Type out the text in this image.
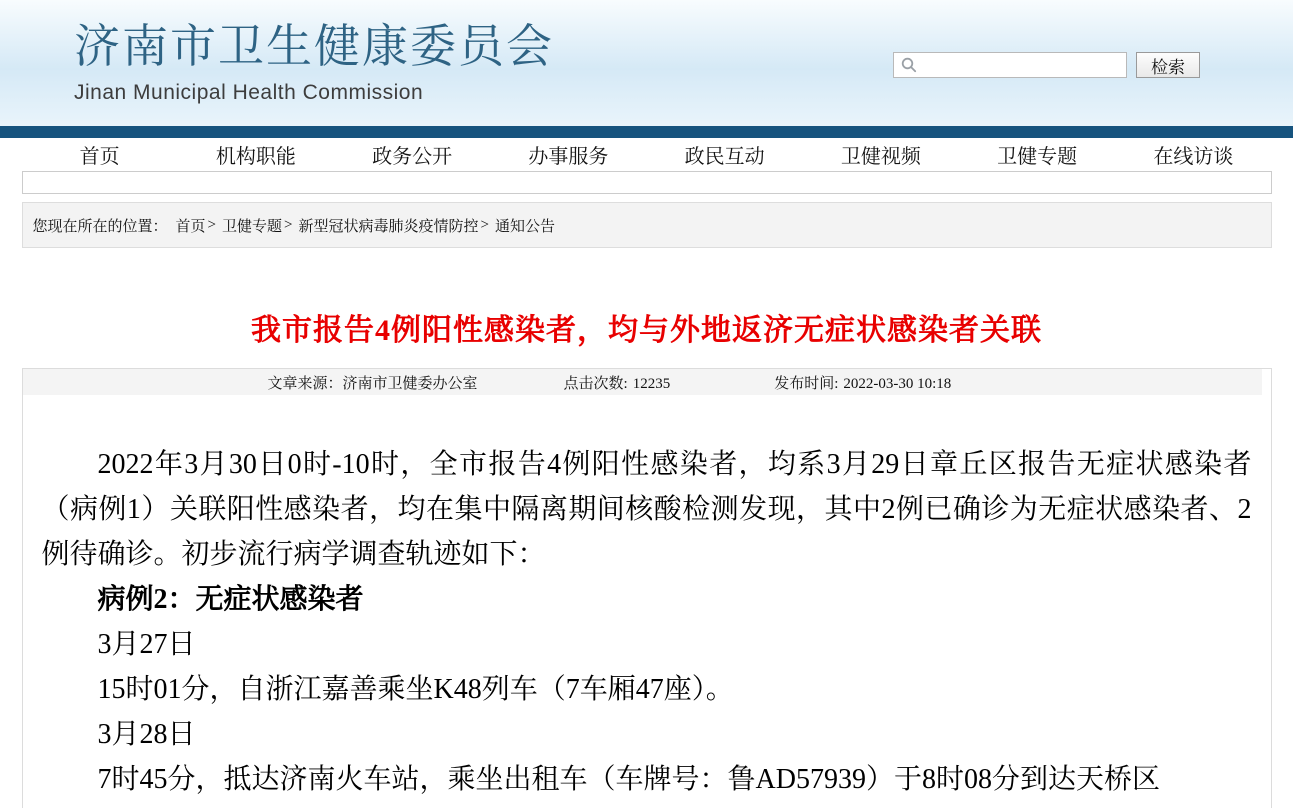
济南市卫生健康委员会
Jinan Municipal Health Commission
检索
首页	机构职能	政务公开	办事服务	政民互动	卫健视频	卫健专题	在线访谈
您现在所在的位置： 首页 > 卫健专题 > 新型冠状病毒肺炎疫情防控 > 通知公告
我市报告4例阳性感染者，均与外地返济无症状感染者关联
文章来源：济南市卫健委办公室	点击次数: 12235	发布时间: 2022-03-30 10:18

2022年3月30日0时-10时，全市报告4例阳性感染者，均系3月29日章丘区报告无症状感染者（病例1）关联阳性感染者，均在集中隔离期间核酸检测发现，其中2例已确诊为无症状感染者、2例待确诊。初步流行病学调查轨迹如下：

病例2：无症状感染者

3月27日

15时01分，自浙江嘉善乘坐K48列车（7车厢47座）。

3月28日

7时45分，抵达济南火车站，乘坐出租车（车牌号：鲁AD57939）于8时08分到达天桥区
